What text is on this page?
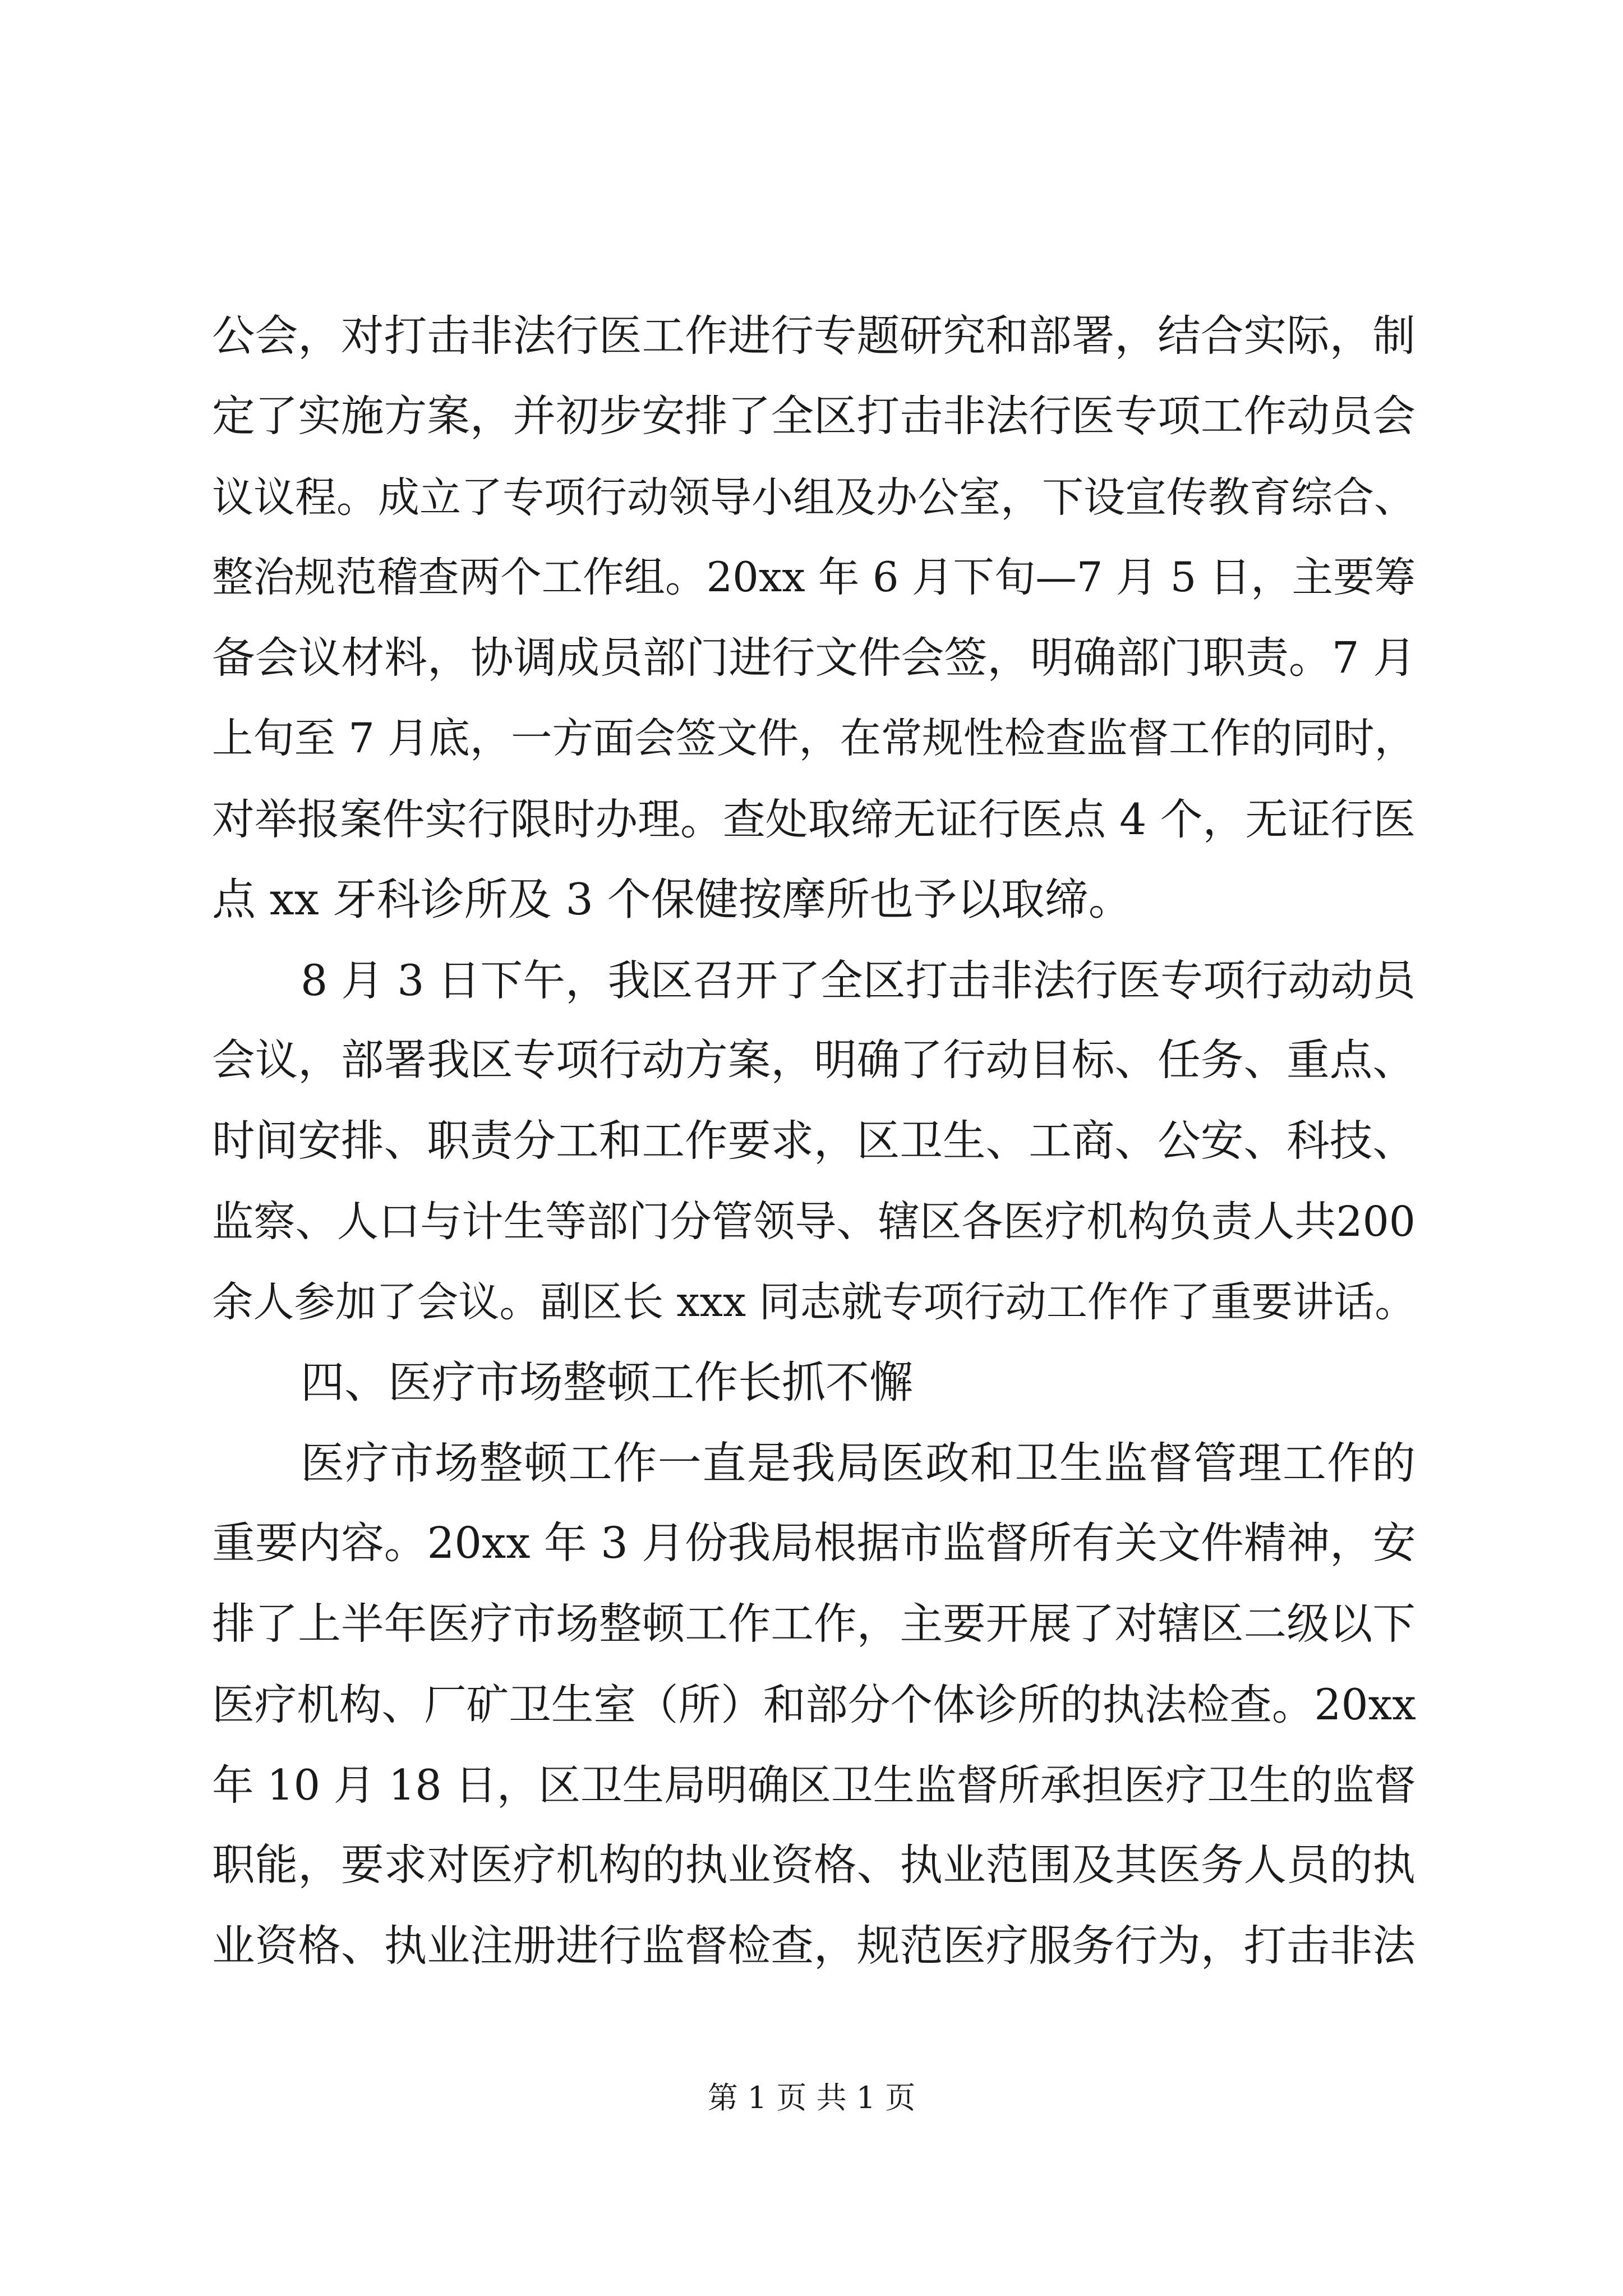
公会，对打击非法行医工作进行专题研究和部署，结合实际，制
定了实施方案，并初步安排了全区打击非法行医专项工作动员会
议议程。成立了专项行动领导小组及办公室，下设宣传教育综合、
整治规范稽查两个工作组。20xx 年 6 月下旬—7 月 5 日，主要筹
备会议材料，协调成员部门进行文件会签，明确部门职责。7 月
上旬至 7 月底，一方面会签文件，在常规性检查监督工作的同时，
对举报案件实行限时办理。查处取缔无证行医点 4 个，无证行医
点 xx 牙科诊所及 3 个保健按摩所也予以取缔。
8 月 3 日下午，我区召开了全区打击非法行医专项行动动员
会议，部署我区专项行动方案，明确了行动目标、任务、重点、
时间安排、职责分工和工作要求，区卫生、工商、公安、科技、
监察、人口与计生等部门分管领导、辖区各医疗机构负责人共200
余人参加了会议。副区长 xxx 同志就专项行动工作作了重要讲话。
四、医疗市场整顿工作长抓不懈
医疗市场整顿工作一直是我局医政和卫生监督管理工作的
重要内容。20xx 年 3 月份我局根据市监督所有关文件精神，安
排了上半年医疗市场整顿工作工作，主要开展了对辖区二级以下
医疗机构、厂矿卫生室（所）和部分个体诊所的执法检查。20xx
年 10 月 18 日，区卫生局明确区卫生监督所承担医疗卫生的监督
职能，要求对医疗机构的执业资格、执业范围及其医务人员的执
业资格、执业注册进行监督检查，规范医疗服务行为，打击非法
第 1 页 共 1 页
